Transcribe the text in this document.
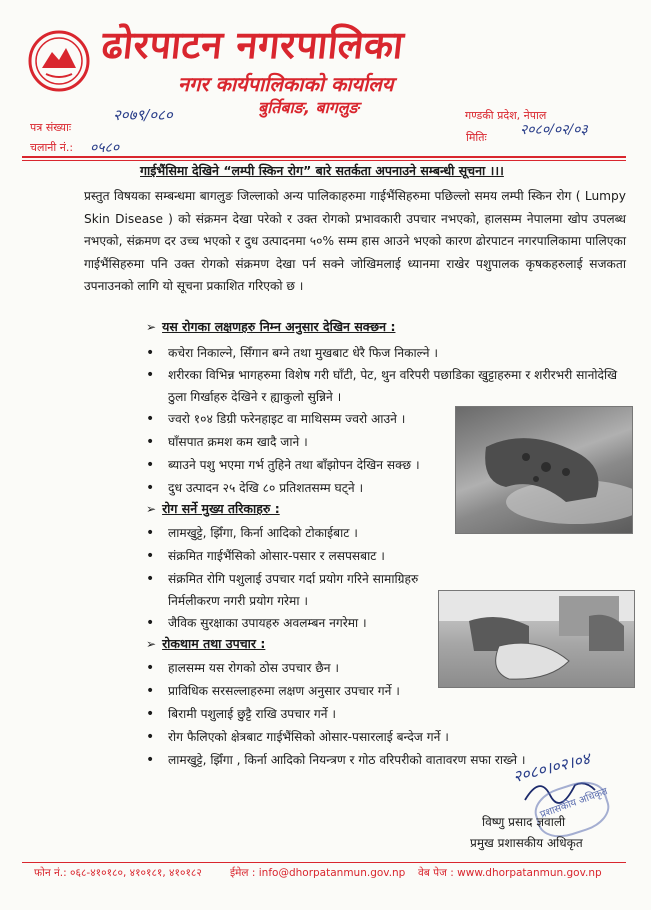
ढोरपाटन नगरपालिका
नगर कार्यपालिकाको कार्यालय
बुर्तिबाङ, बागलुङ	गण्डकी प्रदेश, नेपाल
पत्र संख्याः
२०७९/०८०
चलानी नं.: ०५८०
मितिः २०८०/०२/०३
गाईभैंसिमा देखिने “लम्पी स्किन रोग” बारे सतर्कता अपनाउने सम्बन्धी सूचना ।।।
प्रस्तुत विषयका सम्बन्धमा बागलुङ जिल्लाको अन्य पालिकाहरुमा गाईभैंसिहरुमा पछिल्लो समय लम्पी स्किन रोग ( Lumpy Skin Disease ) को संक्रमन देखा परेको र उक्त रोगको प्रभावकारी उपचार नभएको, हालसम्म नेपालमा खोप उपलब्ध नभएको, संक्रमण दर उच्च भएको र दुध उत्पादनमा ५०% सम्म हास आउने भएको कारण ढोरपाटन नगरपालिकामा पालिएका गाईभैंसिहरुमा पनि उक्त रोगको संक्रमण देखा पर्न सक्ने जोखिमलाई ध्यानमा राखेर पशुपालक कृषकहरुलाई सजकता उपनाउनको लागि यो सूचना प्रकाशित गरिएको छ ।
➢ यस रोगका लक्षणहरु निम्न अनुसार देखिन सक्छन :
• कचेरा निकाल्ने, सिँगान बग्ने तथा मुखबाट धेरै फिज निकाल्ने ।
• शरीरका विभिन्न भागहरुमा विशेष गरी घाँटी, पेट, थुन वरिपरी पछाडिका खुट्टाहरुमा र शरीरभरी सानोदेखि ठुला गिर्खाहरु देखिने र ह्याकुलो सुन्निने ।
• ज्वरो १०४ डिग्री फरेनहाइट वा माथिसम्म ज्वरो आउने ।
• घाँसपात क्रमश कम खादै जाने ।
• ब्याउने पशु भएमा गर्भ तुहिने तथा बाँझोपन देखिन सक्छ ।
• दुध उत्पादन २५ देखि ८० प्रतिशतसम्म घट्ने ।
➢ रोग सर्ने मुख्य तरिकाहरु :
• लामखुट्टे, झिँगा, किर्ना आदिको टोकाईबाट ।
• संक्रमित गाईभैंसिको ओसार-पसार र लसपसबाट ।
• संक्रमित रोगि पशुलाई उपचार गर्दा प्रयोग गरिने सामाग्रिहरु निर्मलीकरण नगरी प्रयोग गरेमा ।
• जैविक सुरक्षाका उपायहरु अवलम्बन नगरेमा ।
➢ रोकथाम तथा उपचार :
• हालसम्म यस रोगको ठोस उपचार छैन ।
• प्राविधिक सरसल्लाहरुमा लक्षण अनुसार उपचार गर्ने ।
• बिरामी पशुलाई छुट्टै राखि उपचार गर्ने ।
• रोग फैलिएको क्षेत्रबाट गाईभैंसिको ओसार-पसारलाई बन्देज गर्ने ।
• लामखुट्टे, झिँगा , किर्ना आदिको नियन्त्रण र गोठ वरिपरीको वातावरण सफा राख्ने ।
२०८०।०२।०४
प्रशासकीय अधिकृत
विष्णु प्रसाद ज्ञवाली
प्रमुख प्रशासकीय अधिकृत
फोन नं.: ०६८-४१०१८०, ४१०१८१, ४१०१८२	ईमेल : info@dhorpatanmun.gov.np वेब पेज : www.dhorpatanmun.gov.np
